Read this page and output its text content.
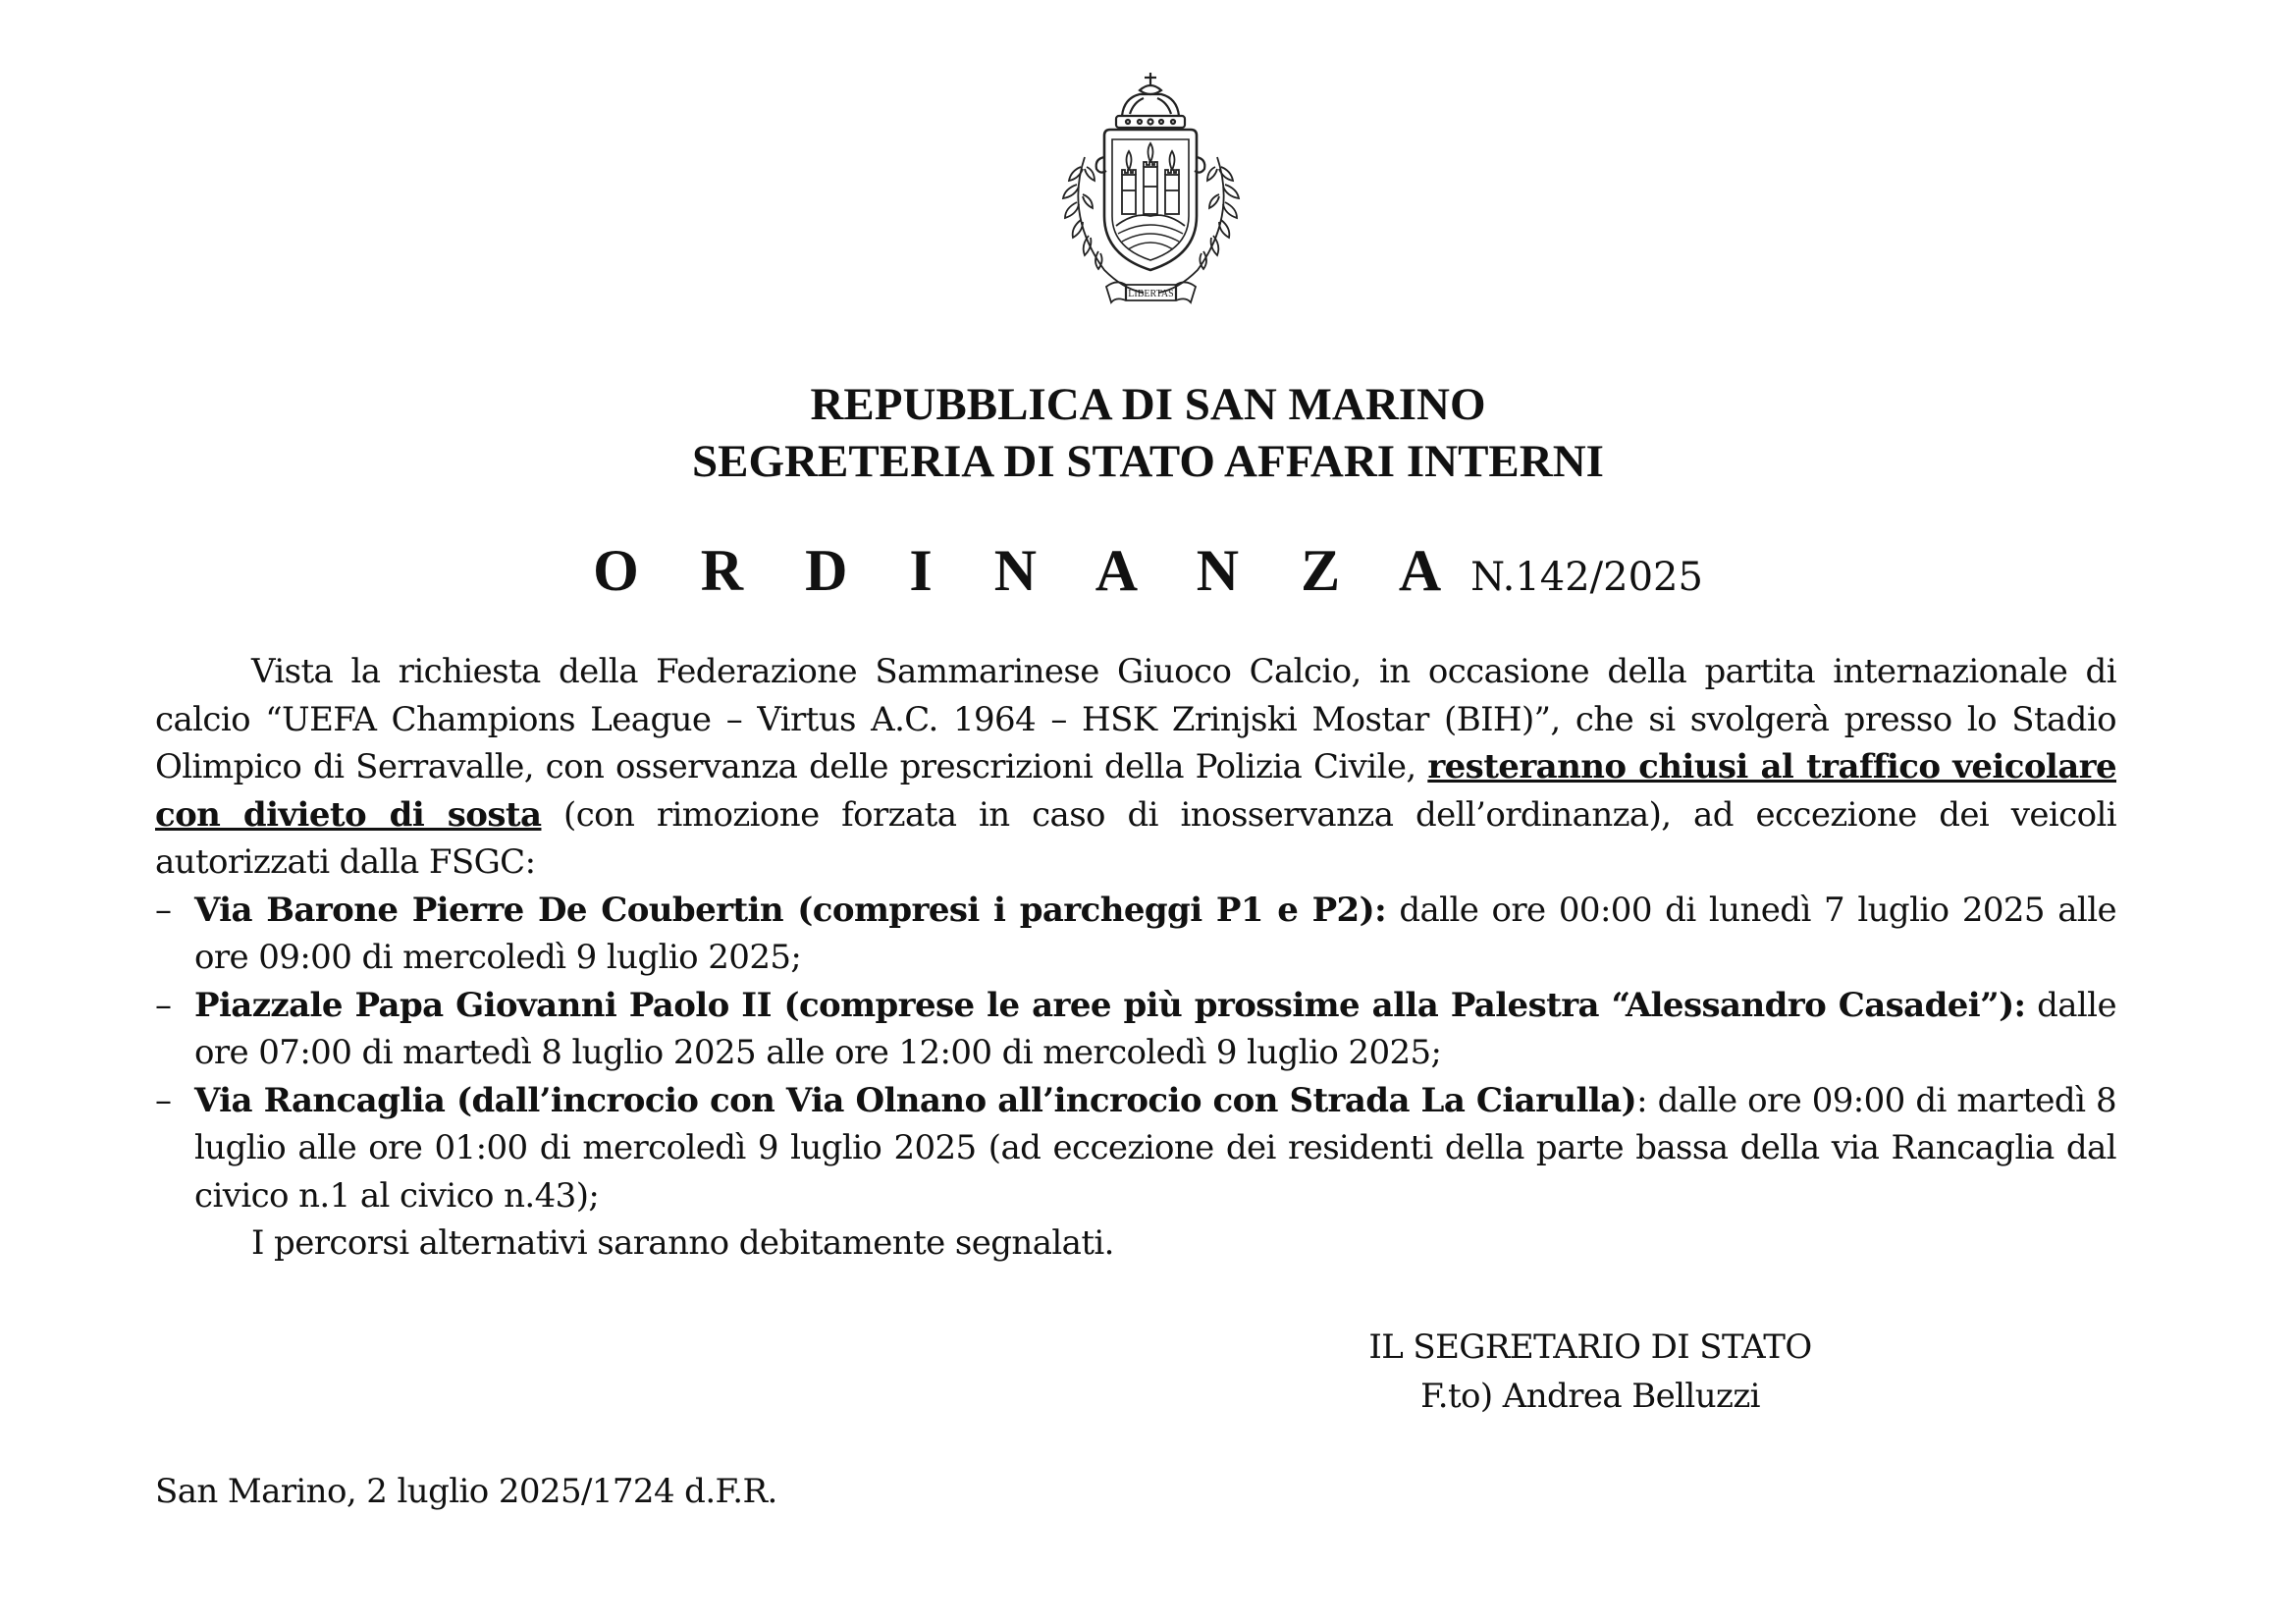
LIBERTAS
REPUBBLICA DI SAN MARINO
SEGRETERIA DI STATO AFFARI INTERNI
O R D I N A N Z A N.142/2025

Vista la richiesta della Federazione Sammarinese Giuoco Calcio, in occasione della partita internazionale di calcio “UEFA Champions League – Virtus A.C. 1964 – HSK Zrinjski Mostar (BIH)”, che si svolgerà presso lo Stadio Olimpico di Serravalle, con osservanza delle prescrizioni della Polizia Civile, resteranno chiusi al traffico veicolare con divieto di sosta (con rimozione forzata in caso di inosservanza dell’ordinanza), ad eccezione dei veicoli autorizzati dalla FSGC:

– Via Barone Pierre De Coubertin (compresi i parcheggi P1 e P2): dalle ore 00:00 di lunedì 7 luglio 2025 alle ore 09:00 di mercoledì 9 luglio 2025;
– Piazzale Papa Giovanni Paolo II (comprese le aree più prossime alla Palestra “Alessandro Casadei”): dalle ore 07:00 di martedì 8 luglio 2025 alle ore 12:00 di mercoledì 9 luglio 2025;
– Via Rancaglia (dall’incrocio con Via Olnano all’incrocio con Strada La Ciarulla): dalle ore 09:00 di martedì 8 luglio alle ore 01:00 di mercoledì 9 luglio 2025 (ad eccezione dei residenti della parte bassa della via Rancaglia dal civico n.1 al civico n.43);

I percorsi alternativi saranno debitamente segnalati.

IL SEGRETARIO DI STATO
F.to) Andrea Belluzzi
San Marino, 2 luglio 2025/1724 d.F.R.
